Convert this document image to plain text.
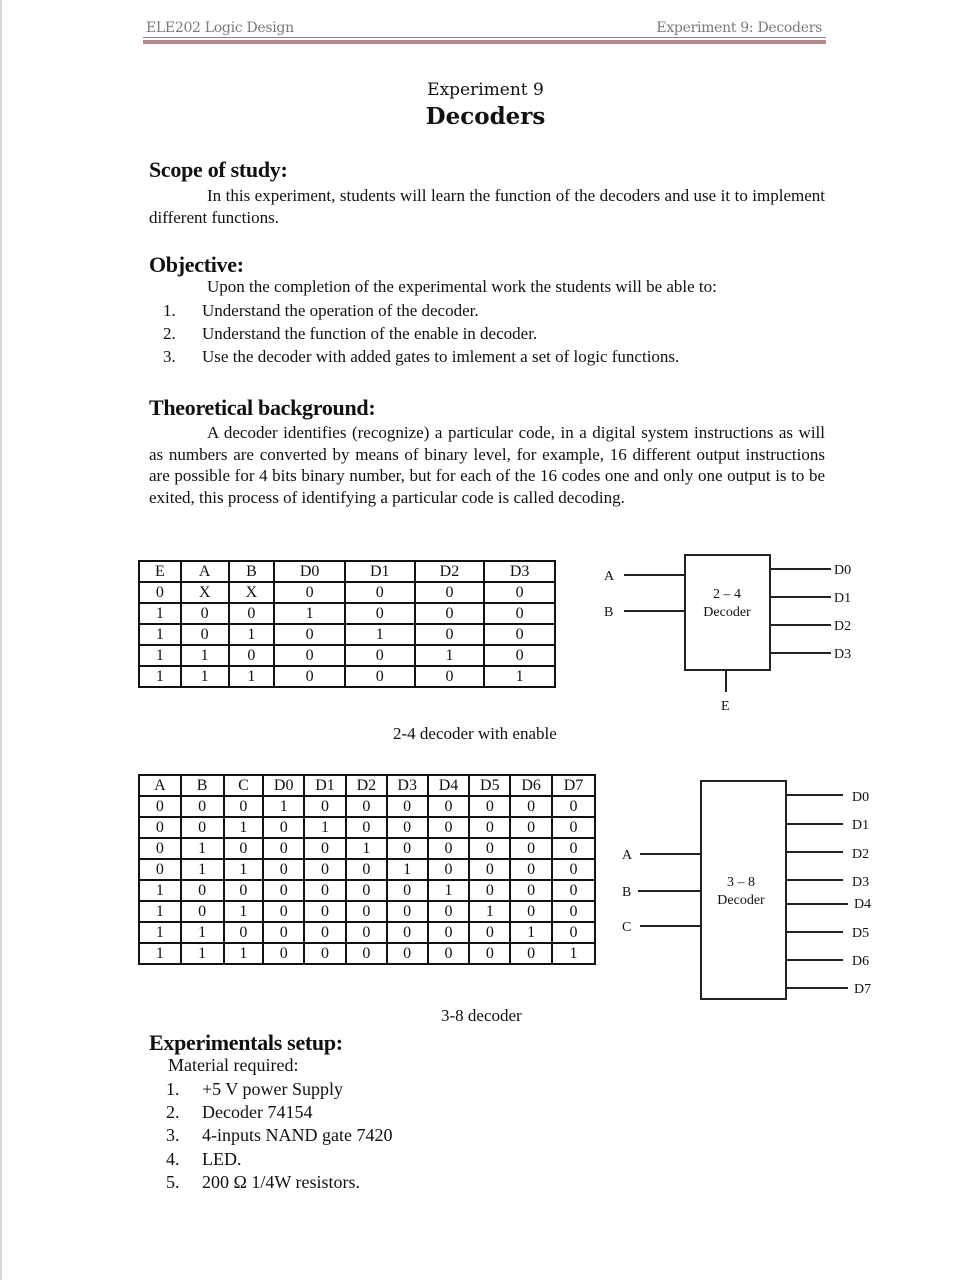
ELE202 Logic Design	Experiment 9: Decoders
Experiment 9
Decoders
Scope of study:
In this experiment, students will learn the function of the decoders and use it to implement different functions.
Objective:
Upon the completion of the experimental work the students will be able to:
1.	Understand the operation of the decoder.
2.	Understand the function of the enable in decoder.
3.	Use the decoder with added gates to imlement a set of logic functions.
Theoretical background:
A decoder identifies (recognize) a particular code, in a digital system instructions as will as numbers are converted by means of binary level, for example, 16 different output instructions are possible for 4 bits binary number, but for each of the 16 codes one and only one output is to be exited, this process of identifying a particular code is called decoding.
E	A	B	D0	D1	D2	D3
0	X	X	0	0	0	0
1	0	0	1	0	0	0
1	0	1	0	1	0	0
1	1	0	0	0	1	0
1	1	1	0	0	0	1
2-4 decoder with enable
A
B
2 – 4
Decoder
D0
D1
D2
D3
E
A	B	C	D0	D1	D2	D3	D4	D5	D6	D7
0	0	0	1	0	0	0	0	0	0	0
0	0	1	0	1	0	0	0	0	0	0
0	1	0	0	0	1	0	0	0	0	0
0	1	1	0	0	0	1	0	0	0	0
1	0	0	0	0	0	0	1	0	0	0
1	0	1	0	0	0	0	0	1	0	0
1	1	0	0	0	0	0	0	0	1	0
1	1	1	0	0	0	0	0	0	0	1
3-8 decoder
A
B
C
3 – 8
Decoder
D0
D1
D2
D3
D4
D5
D6
D7
Experimentals setup:
Material required:
1.	+5 V power Supply
2.	Decoder 74154
3.	4-inputs NAND gate 7420
4.	LED.
5.	200 Ω 1/4W resistors.
